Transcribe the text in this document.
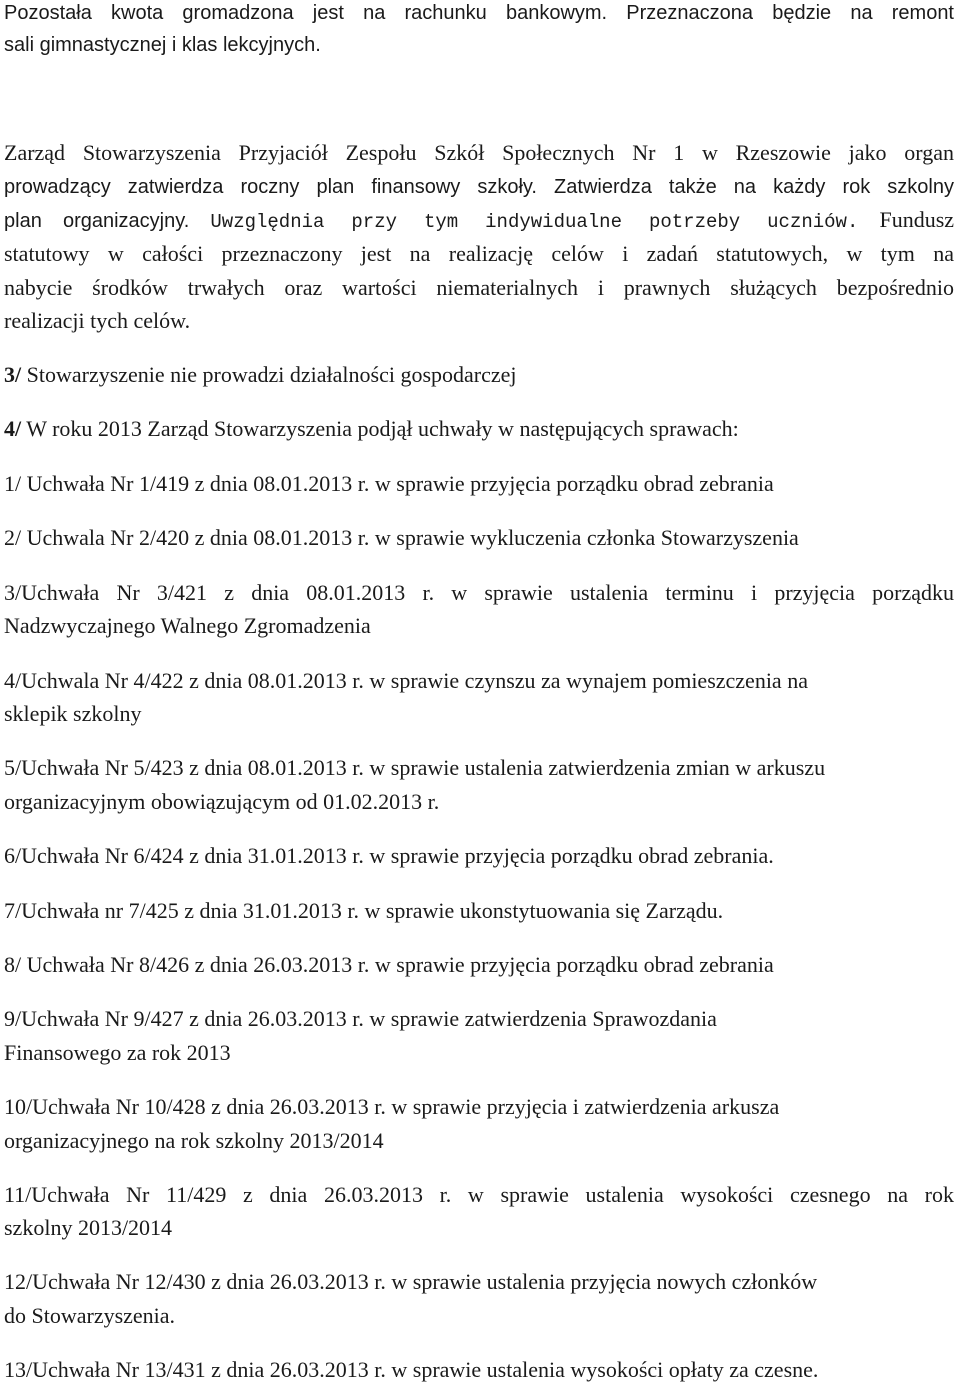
Pozostała kwota gromadzona jest na rachunku bankowym. Przeznaczona będzie na remont
sali gimnastycznej i klas lekcyjnych.
Zarząd Stowarzyszenia Przyjaciół Zespołu Szkół Społecznych Nr 1 w Rzeszowie jako organ
prowadzący zatwierdza roczny plan finansowy szkoły. Zatwierdza także na każdy rok szkolny
plan organizacyjny. Uwzględnia przy tym indywidualne potrzeby uczniów. Fundusz
statutowy w całości przeznaczony jest na realizację celów i zadań statutowych, w tym na
nabycie środków trwałych oraz wartości niematerialnych i prawnych służących bezpośrednio
realizacji tych celów.
3/ Stowarzyszenie nie prowadzi działalności gospodarczej
4/ W roku 2013 Zarząd Stowarzyszenia podjął uchwały w następujących sprawach:
1/ Uchwała Nr 1/419 z dnia 08.01.2013 r. w sprawie przyjęcia porządku obrad zebrania
2/ Uchwala Nr 2/420 z dnia 08.01.2013 r. w sprawie wykluczenia członka Stowarzyszenia
3/Uchwała Nr 3/421 z dnia 08.01.2013 r. w sprawie ustalenia terminu i przyjęcia porządku
Nadzwyczajnego Walnego Zgromadzenia
4/Uchwala Nr 4/422 z dnia 08.01.2013 r. w sprawie czynszu za wynajem pomieszczenia na
sklepik szkolny
5/Uchwała Nr 5/423 z dnia 08.01.2013 r. w sprawie ustalenia zatwierdzenia zmian w arkuszu
organizacyjnym obowiązującym od 01.02.2013 r.
6/Uchwała Nr 6/424 z dnia 31.01.2013 r. w sprawie przyjęcia porządku obrad zebrania.
7/Uchwała nr 7/425 z dnia 31.01.2013 r. w sprawie ukonstytuowania się Zarządu.
8/ Uchwała Nr 8/426 z dnia 26.03.2013 r. w sprawie przyjęcia porządku obrad zebrania
9/Uchwała Nr 9/427 z dnia 26.03.2013 r. w sprawie zatwierdzenia Sprawozdania
Finansowego za rok 2013
10/Uchwała Nr 10/428 z dnia 26.03.2013 r. w sprawie przyjęcia i zatwierdzenia arkusza
organizacyjnego na rok szkolny 2013/2014
11/Uchwała Nr 11/429 z dnia 26.03.2013 r. w sprawie ustalenia wysokości czesnego na rok
szkolny 2013/2014
12/Uchwała Nr 12/430 z dnia 26.03.2013 r. w sprawie ustalenia przyjęcia nowych członków
do Stowarzyszenia.
13/Uchwała Nr 13/431 z dnia 26.03.2013 r. w sprawie ustalenia wysokości opłaty za czesne.
